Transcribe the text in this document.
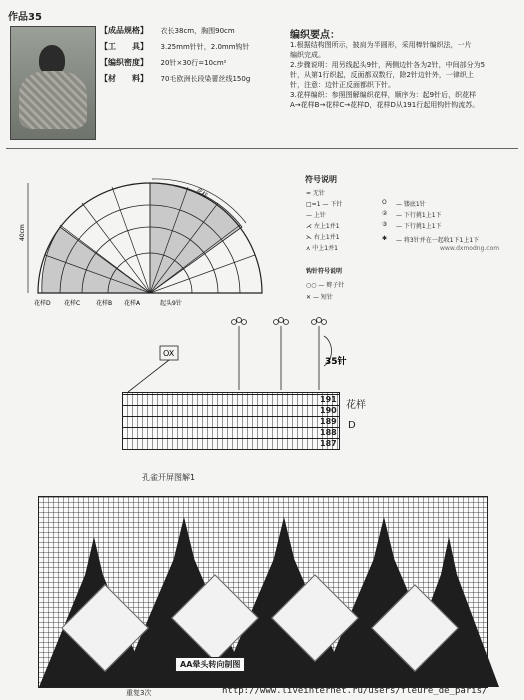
作品35
【成品规格】 衣长38cm，胸围90cm
【工　　具】 3.25mm针针，2.0mm钩针
【编织密度】 20针×30行=10cm²
【材　　料】 70毛欧洲长段染蕾丝线150g
编织要点：
1.根据结构图所示，披肩为半圆形，采用棒针编织法，一片
编织完成。
2.步骤说明：用另线起头9针，两侧边针各为2针，中间部分为5
针，从第1行织起，反面都双数行，除2针边针外，一律织上
针，注意：边针正反面都织下针。
3.花样编织：参照图解编织花样，顺序为：起9针后，织花样
A→花样B→花样C→花样D，花样D从191行起用钩针钩流苏。
40cm
花样
花样D 花样C	花样B 花样A	起头9针
符号说明
= 无针
□=1 — 下针
— 上针
⋌ 左上1并1
⋋ 右上1并1
⋏ 中上1并1
O — 镂底1针
② — 下行挑1上1下
③ — 下行挑1上1下
✱ — 将3针并在一起收1下1上1下
www.dxmodng.com
钩针符号说明
○○ — 辫子针
✕ — 短针
OX
35针
191
190
189
188
187
花样
D
孔雀开屏图解1
AA晕头转向制图
重复3次	http://www.liveinternet.ru/users/fleure_de_paris/
